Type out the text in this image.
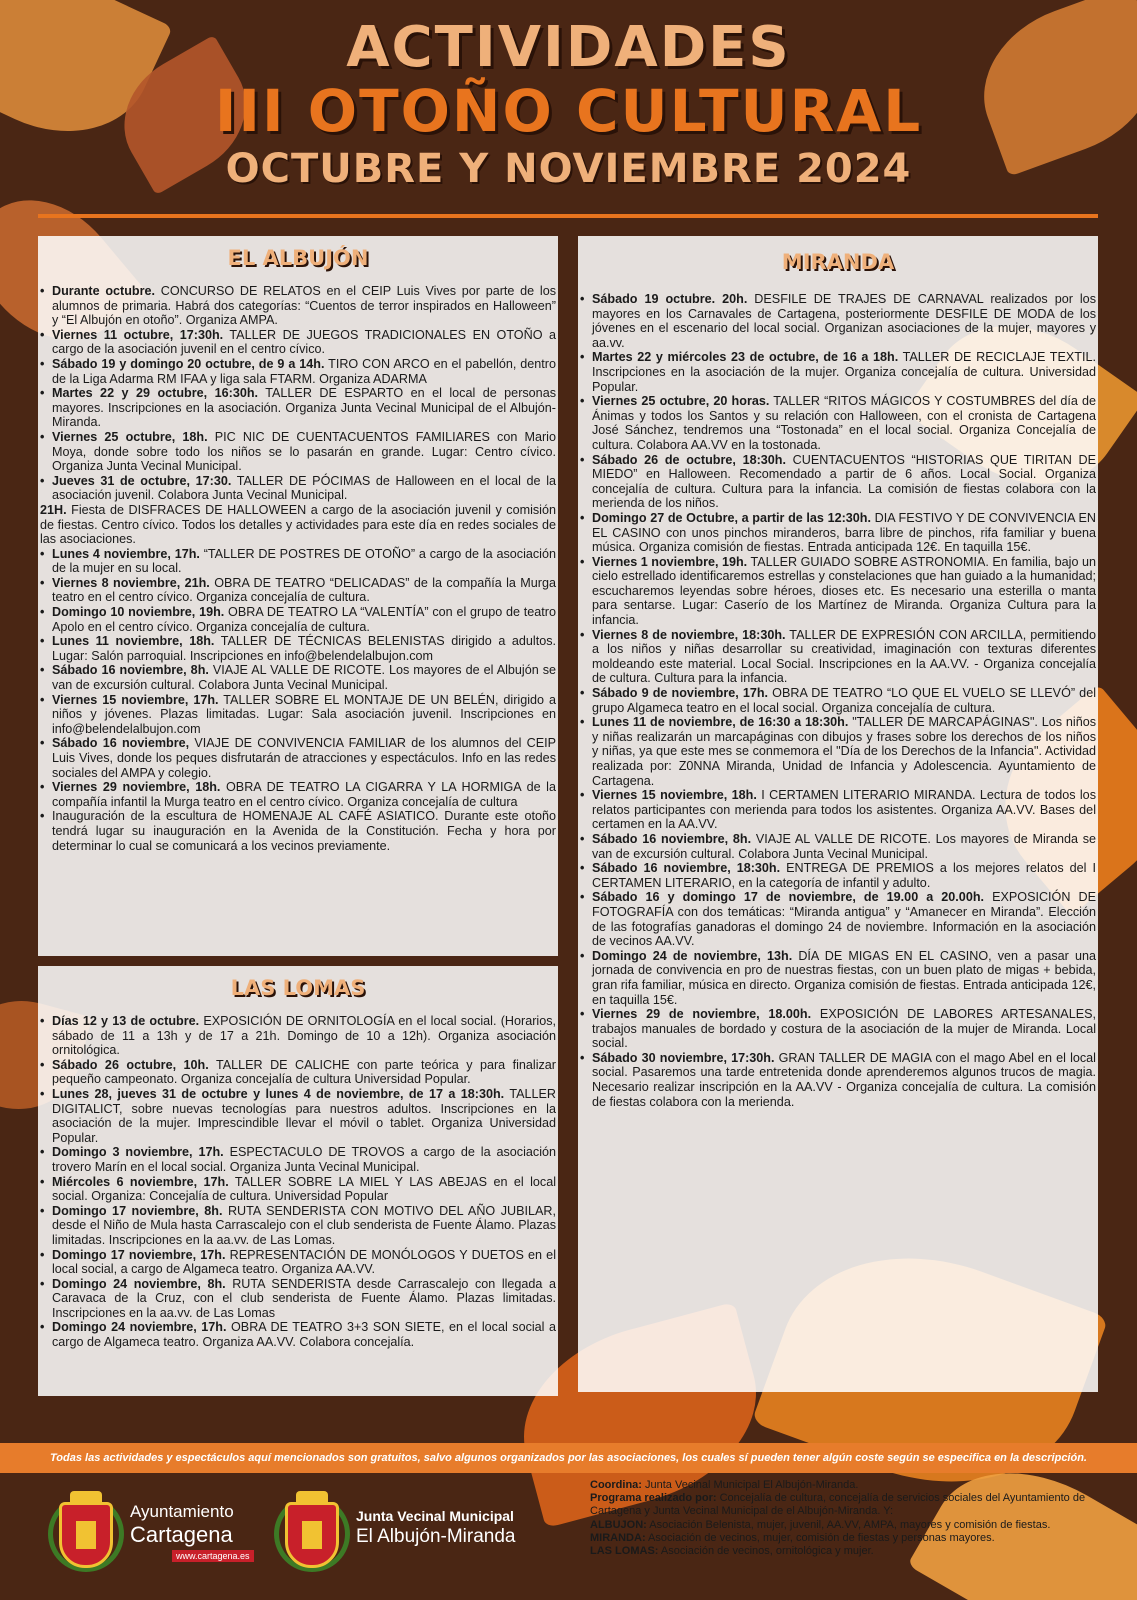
ACTIVIDADES
III OTOÑO CULTURAL
OCTUBRE Y NOVIEMBRE 2024
EL ALBUJÓN
• Durante octubre. CONCURSO DE RELATOS en el CEIP Luis Vives por parte de los alumnos de primaria. Habrá dos categorías: “Cuentos de terror inspirados en Halloween” y “El Albujón en otoño”. Organiza AMPA.
• Viernes 11 octubre, 17:30h. TALLER DE JUEGOS TRADICIONALES EN OTOÑO a cargo de la asociación juvenil en el centro cívico.
• Sábado 19 y domingo 20 octubre, de 9 a 14h. TIRO CON ARCO en el pabellón, dentro de la Liga Adarma RM IFAA y liga sala FTARM. Organiza ADARMA
• Martes 22 y 29 octubre, 16:30h. TALLER DE ESPARTO en el local de personas mayores. Inscripciones en la asociación. Organiza Junta Vecinal Municipal de el Albujón-Miranda.
• Viernes 25 octubre, 18h. PIC NIC DE CUENTACUENTOS FAMILIARES con Mario Moya, donde sobre todo los niños se lo pasarán en grande. Lugar: Centro cívico. Organiza Junta Vecinal Municipal.
• Jueves 31 de octubre, 17:30. TALLER DE PÓCIMAS de Halloween en el local de la asociación juvenil. Colabora Junta Vecinal Municipal.
21H. Fiesta de DISFRACES DE HALLOWEEN a cargo de la asociación juvenil y comisión de fiestas. Centro cívico. Todos los detalles y actividades para este día en redes sociales de las asociaciones.
• Lunes 4 noviembre, 17h. “TALLER DE POSTRES DE OTOÑO” a cargo de la asociación de la mujer en su local.
• Viernes 8 noviembre, 21h. OBRA DE TEATRO “DELICADAS” de la compañía la Murga teatro en el centro cívico. Organiza concejalía de cultura.
• Domingo 10 noviembre, 19h. OBRA DE TEATRO LA “VALENTÍA” con el grupo de teatro Apolo en el centro cívico. Organiza concejalía de cultura.
• Lunes 11 noviembre, 18h. TALLER DE TÉCNICAS BELENISTAS dirigido a adultos. Lugar: Salón parroquial. Inscripciones en info@belendelalbujon.com
• Sábado 16 noviembre, 8h. VIAJE AL VALLE DE RICOTE. Los mayores de el Albujón se van de excursión cultural. Colabora Junta Vecinal Municipal.
• Viernes 15 noviembre, 17h. TALLER SOBRE EL MONTAJE DE UN BELÉN, dirigido a niños y jóvenes. Plazas limitadas. Lugar: Sala asociación juvenil. Inscripciones en info@belendelalbujon.com
• Sábado 16 noviembre, VIAJE DE CONVIVENCIA FAMILIAR de los alumnos del CEIP Luis Vives, donde los peques disfrutarán de atracciones y espectáculos. Info en las redes sociales del AMPA y colegio.
• Viernes 29 noviembre, 18h. OBRA DE TEATRO LA CIGARRA Y LA HORMIGA de la compañía infantil la Murga teatro en el centro cívico. Organiza concejalía de cultura
• Inauguración de la escultura de HOMENAJE AL CAFÉ ASIATICO. Durante este otoño tendrá lugar su inauguración en la Avenida de la Constitución. Fecha y hora por determinar lo cual se comunicará a los vecinos previamente.
LAS LOMAS
• Días 12 y 13 de octubre. EXPOSICIÓN DE ORNITOLOGÍA en el local social. (Horarios, sábado de 11 a 13h y de 17 a 21h. Domingo de 10 a 12h). Organiza asociación ornitológica.
• Sábado 26 octubre, 10h. TALLER DE CALICHE con parte teórica y para finalizar pequeño campeonato. Organiza concejalía de cultura Universidad Popular.
• Lunes 28, jueves 31 de octubre y lunes 4 de noviembre, de 17 a 18:30h. TALLER DIGITALICT, sobre nuevas tecnologías para nuestros adultos. Inscripciones en la asociación de la mujer. Imprescindible llevar el móvil o tablet. Organiza Universidad Popular.
• Domingo 3 noviembre, 17h. ESPECTACULO DE TROVOS a cargo de la asociación trovero Marín en el local social. Organiza Junta Vecinal Municipal.
• Miércoles 6 noviembre, 17h. TALLER SOBRE LA MIEL Y LAS ABEJAS en el local social. Organiza: Concejalía de cultura. Universidad Popular
• Domingo 17 noviembre, 8h. RUTA SENDERISTA CON MOTIVO DEL AÑO JUBILAR, desde el Niño de Mula hasta Carrascalejo con el club senderista de Fuente Álamo. Plazas limitadas. Inscripciones en la aa.vv. de Las Lomas.
• Domingo 17 noviembre, 17h. REPRESENTACIÓN DE MONÓLOGOS Y DUETOS en el local social, a cargo de Algameca teatro. Organiza AA.VV.
• Domingo 24 noviembre, 8h. RUTA SENDERISTA desde Carrascalejo con llegada a Caravaca de la Cruz, con el club senderista de Fuente Álamo. Plazas limitadas. Inscripciones en la aa.vv. de Las Lomas
• Domingo 24 noviembre, 17h. OBRA DE TEATRO 3+3 SON SIETE, en el local social a cargo de Algameca teatro. Organiza AA.VV. Colabora concejalía.
MIRANDA
• Sábado 19 octubre. 20h. DESFILE DE TRAJES DE CARNAVAL realizados por los mayores en los Carnavales de Cartagena, posteriormente DESFILE DE MODA de los jóvenes en el escenario del local social. Organizan asociaciones de la mujer, mayores y aa.vv.
• Martes 22 y miércoles 23 de octubre, de 16 a 18h. TALLER DE RECICLAJE TEXTIL. Inscripciones en la asociación de la mujer. Organiza concejalía de cultura. Universidad Popular.
• Viernes 25 octubre, 20 horas. TALLER “RITOS MÁGICOS Y COSTUMBRES del día de Ánimas y todos los Santos y su relación con Halloween, con el cronista de Cartagena José Sánchez, tendremos una “Tostonada” en el local social. Organiza Concejalía de cultura. Colabora AA.VV en la tostonada.
• Sábado 26 de octubre, 18:30h. CUENTACUENTOS “HISTORIAS QUE TIRITAN DE MIEDO” en Halloween. Recomendado a partir de 6 años. Local Social. Organiza concejalía de cultura. Cultura para la infancia. La comisión de fiestas colabora con la merienda de los niños.
• Domingo 27 de Octubre, a partir de las 12:30h. DIA FESTIVO Y DE CONVIVENCIA EN EL CASINO con unos pinchos miranderos, barra libre de pinchos, rifa familiar y buena música. Organiza comisión de fiestas. Entrada anticipada 12€. En taquilla 15€.
• Viernes 1 noviembre, 19h. TALLER GUIADO SOBRE ASTRONOMIA. En familia, bajo un cielo estrellado identificaremos estrellas y constelaciones que han guiado a la humanidad; escucharemos leyendas sobre héroes, dioses etc. Es necesario una esterilla o manta para sentarse. Lugar: Caserío de los Martínez de Miranda. Organiza Cultura para la infancia.
• Viernes 8 de noviembre, 18:30h. TALLER DE EXPRESIÓN CON ARCILLA, permitiendo a los niños y niñas desarrollar su creatividad, imaginación con texturas diferentes moldeando este material. Local Social. Inscripciones en la AA.VV. - Organiza concejalía de cultura. Cultura para la infancia.
• Sábado 9 de noviembre, 17h. OBRA DE TEATRO “LO QUE EL VUELO SE LLEVÓ” del grupo Algameca teatro en el local social. Organiza concejalía de cultura.
• Lunes 11 de noviembre, de 16:30 a 18:30h. "TALLER DE MARCAPÁGINAS". Los niños y niñas realizarán un marcapáginas con dibujos y frases sobre los derechos de los niños y niñas, ya que este mes se conmemora el "Día de los Derechos de la Infancia". Actividad realizada por: Z0NNA Miranda, Unidad de Infancia y Adolescencia. Ayuntamiento de Cartagena.
• Viernes 15 noviembre, 18h. I CERTAMEN LITERARIO MIRANDA. Lectura de todos los relatos participantes con merienda para todos los asistentes. Organiza AA.VV. Bases del certamen en la AA.VV.
• Sábado 16 noviembre, 8h. VIAJE AL VALLE DE RICOTE. Los mayores de Miranda se van de excursión cultural. Colabora Junta Vecinal Municipal.
• Sábado 16 noviembre, 18:30h. ENTREGA DE PREMIOS a los mejores relatos del I CERTAMEN LITERARIO, en la categoría de infantil y adulto.
• Sábado 16 y domingo 17 de noviembre, de 19.00 a 20.00h. EXPOSICIÓN DE FOTOGRAFÍA con dos temáticas: “Miranda antigua” y “Amanecer en Miranda”. Elección de las fotografías ganadoras el domingo 24 de noviembre. Información en la asociación de vecinos AA.VV.
• Domingo 24 de noviembre, 13h. DÍA DE MIGAS EN EL CASINO, ven a pasar una jornada de convivencia en pro de nuestras fiestas, con un buen plato de migas + bebida, gran rifa familiar, música en directo. Organiza comisión de fiestas. Entrada anticipada 12€, en taquilla 15€.
• Viernes 29 de noviembre, 18.00h. EXPOSICIÓN DE LABORES ARTESANALES, trabajos manuales de bordado y costura de la asociación de la mujer de Miranda. Local social.
• Sábado 30 noviembre, 17:30h. GRAN TALLER DE MAGIA con el mago Abel en el local social. Pasaremos una tarde entretenida donde aprenderemos algunos trucos de magia. Necesario realizar inscripción en la AA.VV - Organiza concejalía de cultura. La comisión de fiestas colabora con la merienda.
Todas las actividades y espectáculos aquí mencionados son gratuitos, salvo algunos organizados por las asociaciones, los cuales sí pueden tener algún coste según se especifica en la descripción.
Ayuntamiento
Cartagena
www.cartagena.es
Junta Vecinal Municipal
El Albujón-Miranda
Coordina: Junta Vecinal Municipal El Albujón-Miranda.
Programa realizado por: Concejalía de cultura, concejalía de servicios sociales del Ayuntamiento de Cartagena y Junta Vecinal Municipal de el Albujón-Miranda. Y:
ALBUJON: Asociación Belenista, mujer, juvenil, AA.VV, AMPA, mayores y comisión de fiestas.
MIRANDA: Asociación de vecinos, mujer, comisión de fiestas y personas mayores.
LAS LOMAS: Asociación de vecinos, ornitológica y mujer.
